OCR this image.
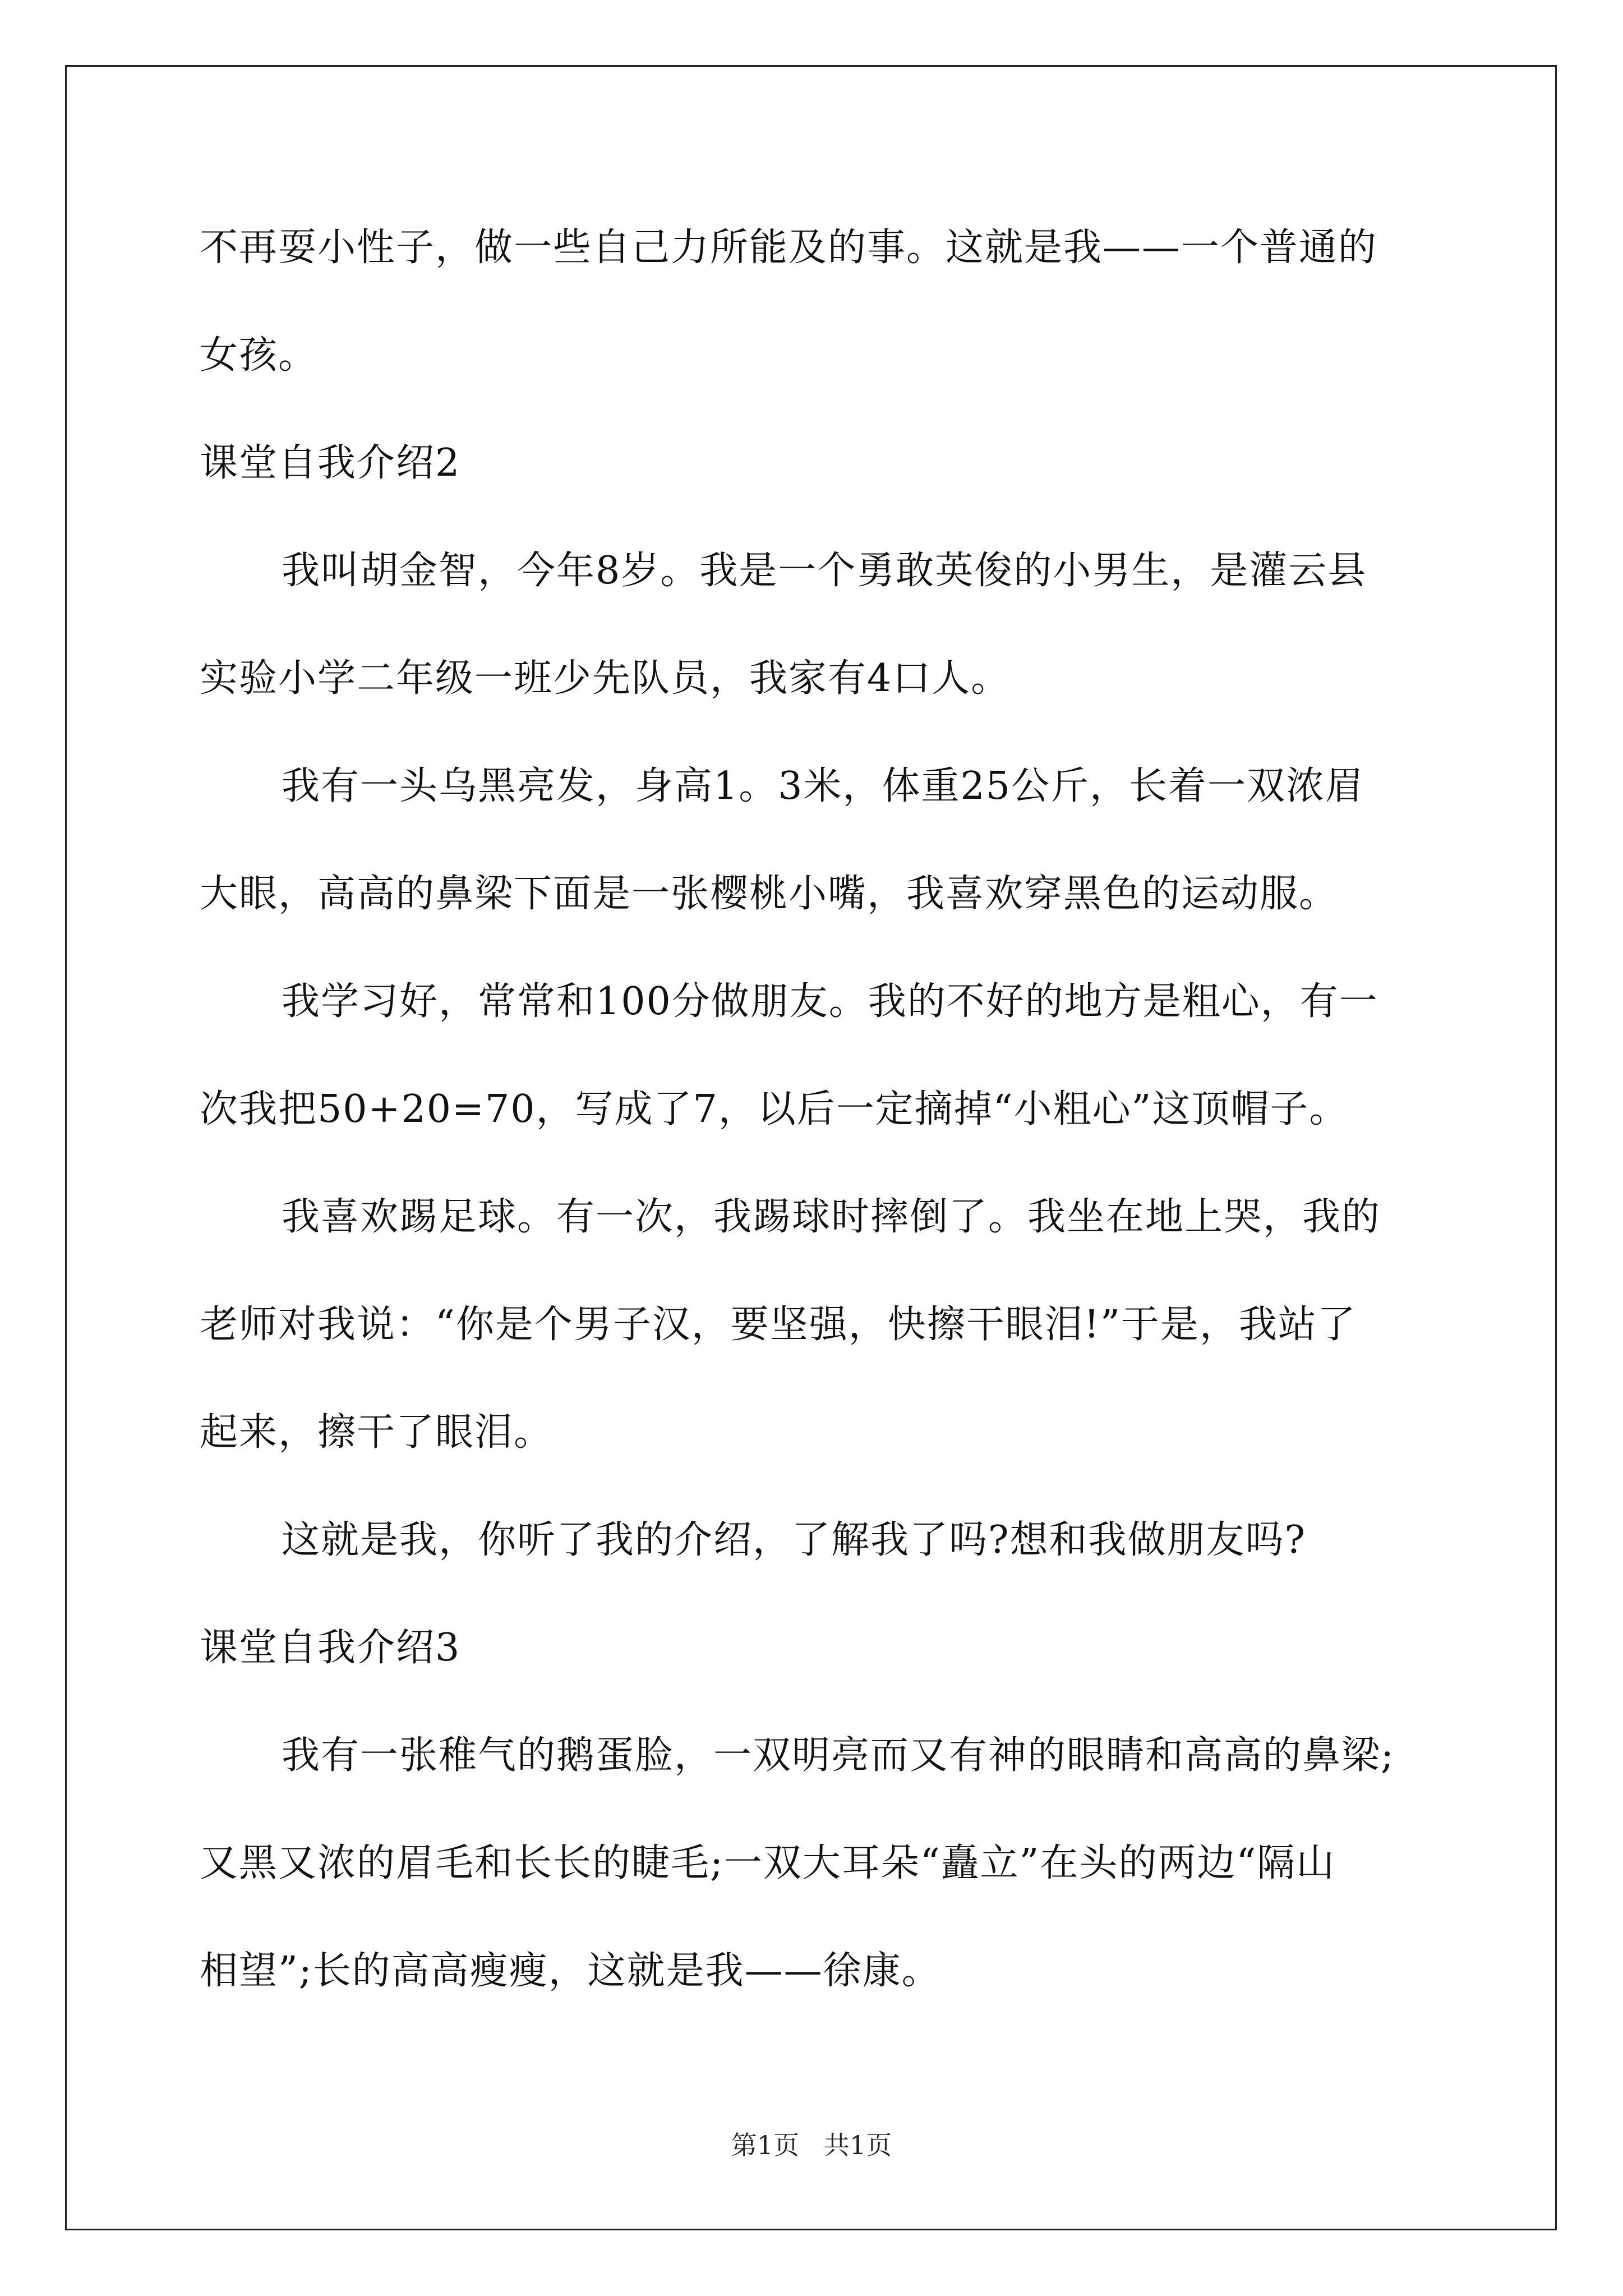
不再耍小性子，做一些自己力所能及的事。这就是我——一个普通的
女孩。
课堂自我介绍2
我叫胡金智，今年8岁。我是一个勇敢英俊的小男生，是灌云县
实验小学二年级一班少先队员，我家有4口人。
我有一头乌黑亮发，身高1。3米，体重25公斤，长着一双浓眉
大眼，高高的鼻梁下面是一张樱桃小嘴，我喜欢穿黑色的运动服。
我学习好，常常和100分做朋友。我的不好的地方是粗心，有一
次我把50+20=70，写成了7，以后一定摘掉“小粗心”这顶帽子。
我喜欢踢足球。有一次，我踢球时摔倒了。我坐在地上哭，我的
老师对我说：“你是个男子汉，要坚强，快擦干眼泪!”于是，我站了
起来，擦干了眼泪。
这就是我，你听了我的介绍，了解我了吗?想和我做朋友吗?
课堂自我介绍3
我有一张稚气的鹅蛋脸，一双明亮而又有神的眼睛和高高的鼻梁;
又黑又浓的眉毛和长长的睫毛;一双大耳朵“矗立”在头的两边“隔山
相望”;长的高高瘦瘦，这就是我——徐康。
第1页   共1页
